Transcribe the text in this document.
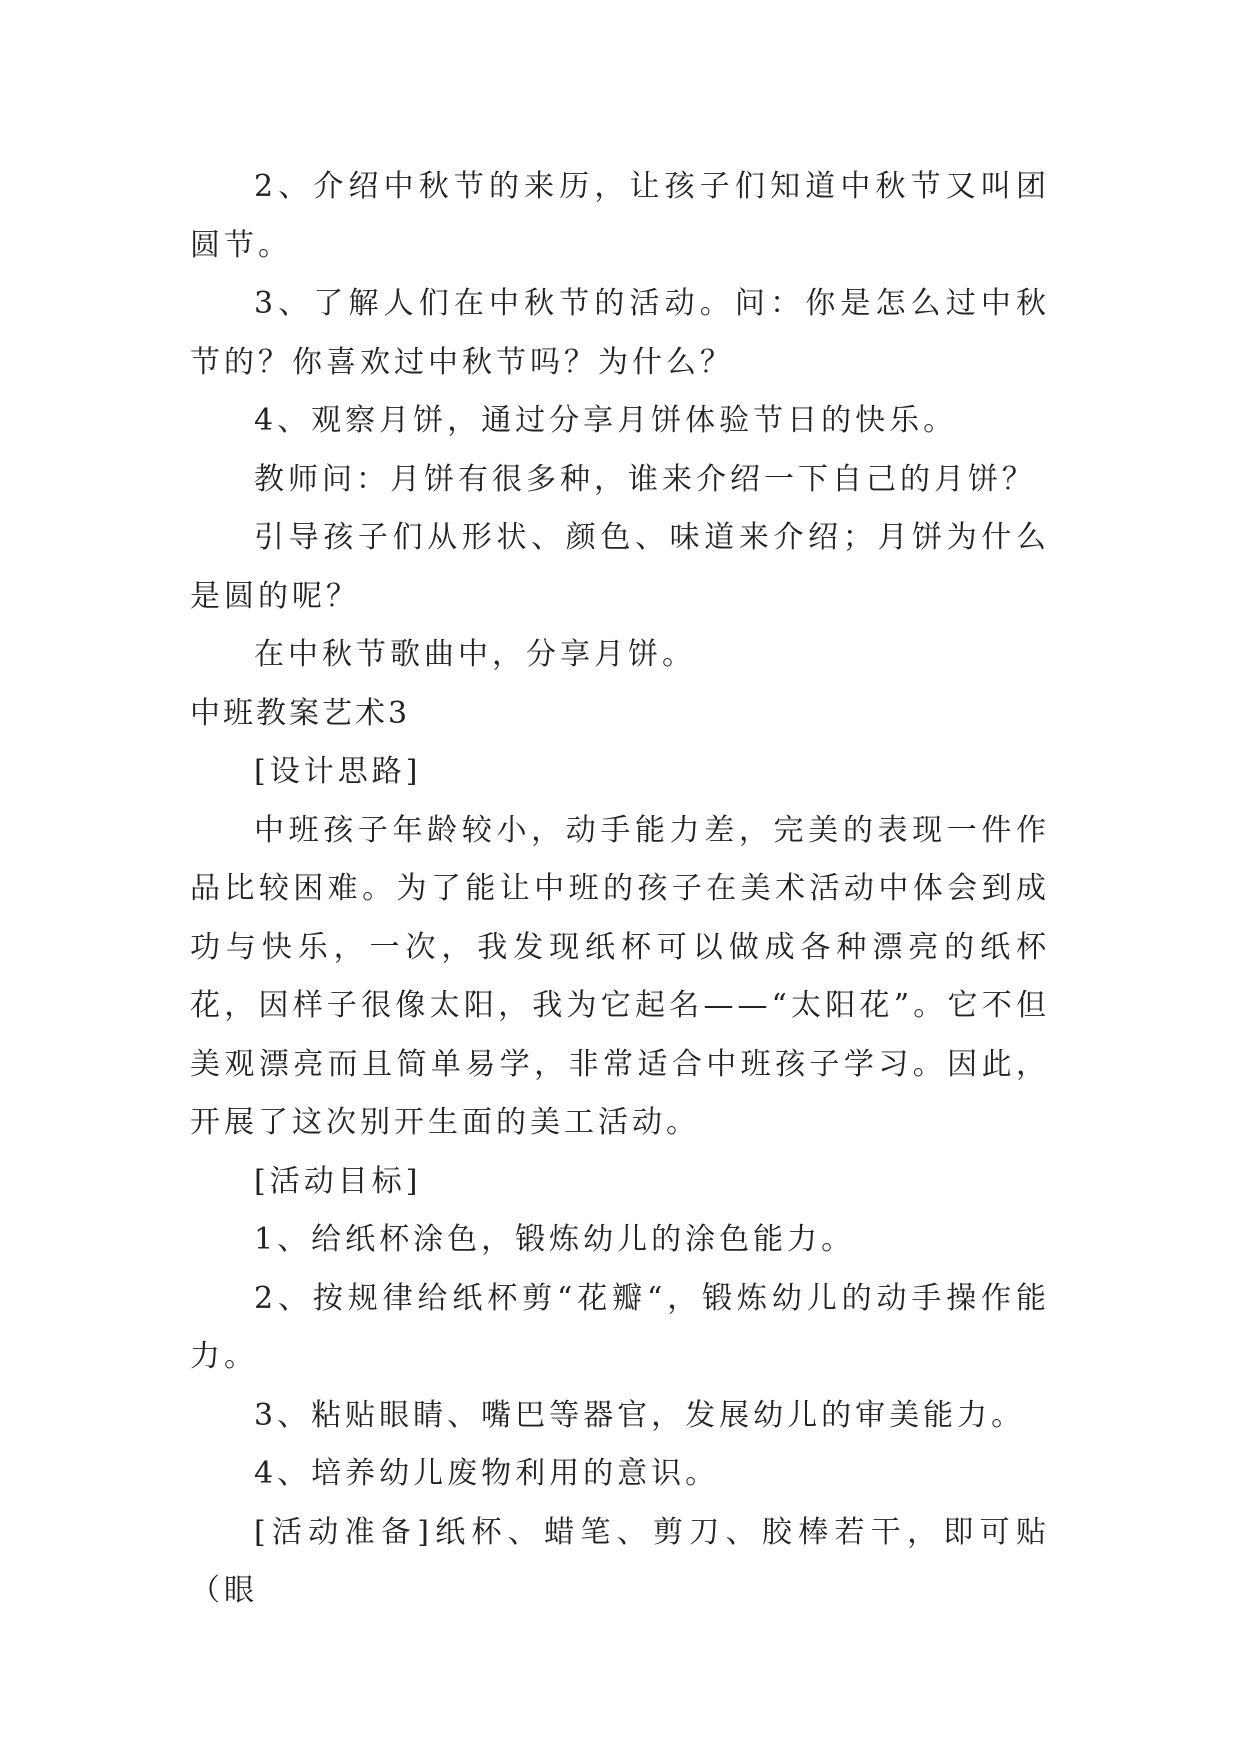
2、介绍中秋节的来历，让孩子们知道中秋节又叫团圆节。

3、了解人们在中秋节的活动。问：你是怎么过中秋节的？你喜欢过中秋节吗？为什么？

4、观察月饼，通过分享月饼体验节日的快乐。

教师问：月饼有很多种，谁来介绍一下自己的月饼？

引导孩子们从形状、颜色、味道来介绍；月饼为什么是圆的呢？

在中秋节歌曲中，分享月饼。

中班教案艺术3

[设计思路]

中班孩子年龄较小，动手能力差，完美的表现一件作品比较困难。为了能让中班的孩子在美术活动中体会到成功与快乐，一次，我发现纸杯可以做成各种漂亮的纸杯花，因样子很像太阳，我为它起名——“太阳花”。它不但美观漂亮而且简单易学，非常适合中班孩子学习。因此，开展了这次别开生面的美工活动。

[活动目标]

1、给纸杯涂色，锻炼幼儿的涂色能力。

2、按规律给纸杯剪“花瓣“，锻炼幼儿的动手操作能力。

3、粘贴眼睛、嘴巴等器官，发展幼儿的审美能力。

4、培养幼儿废物利用的意识。

[活动准备]纸杯、蜡笔、剪刀、胶棒若干，即可贴（眼
